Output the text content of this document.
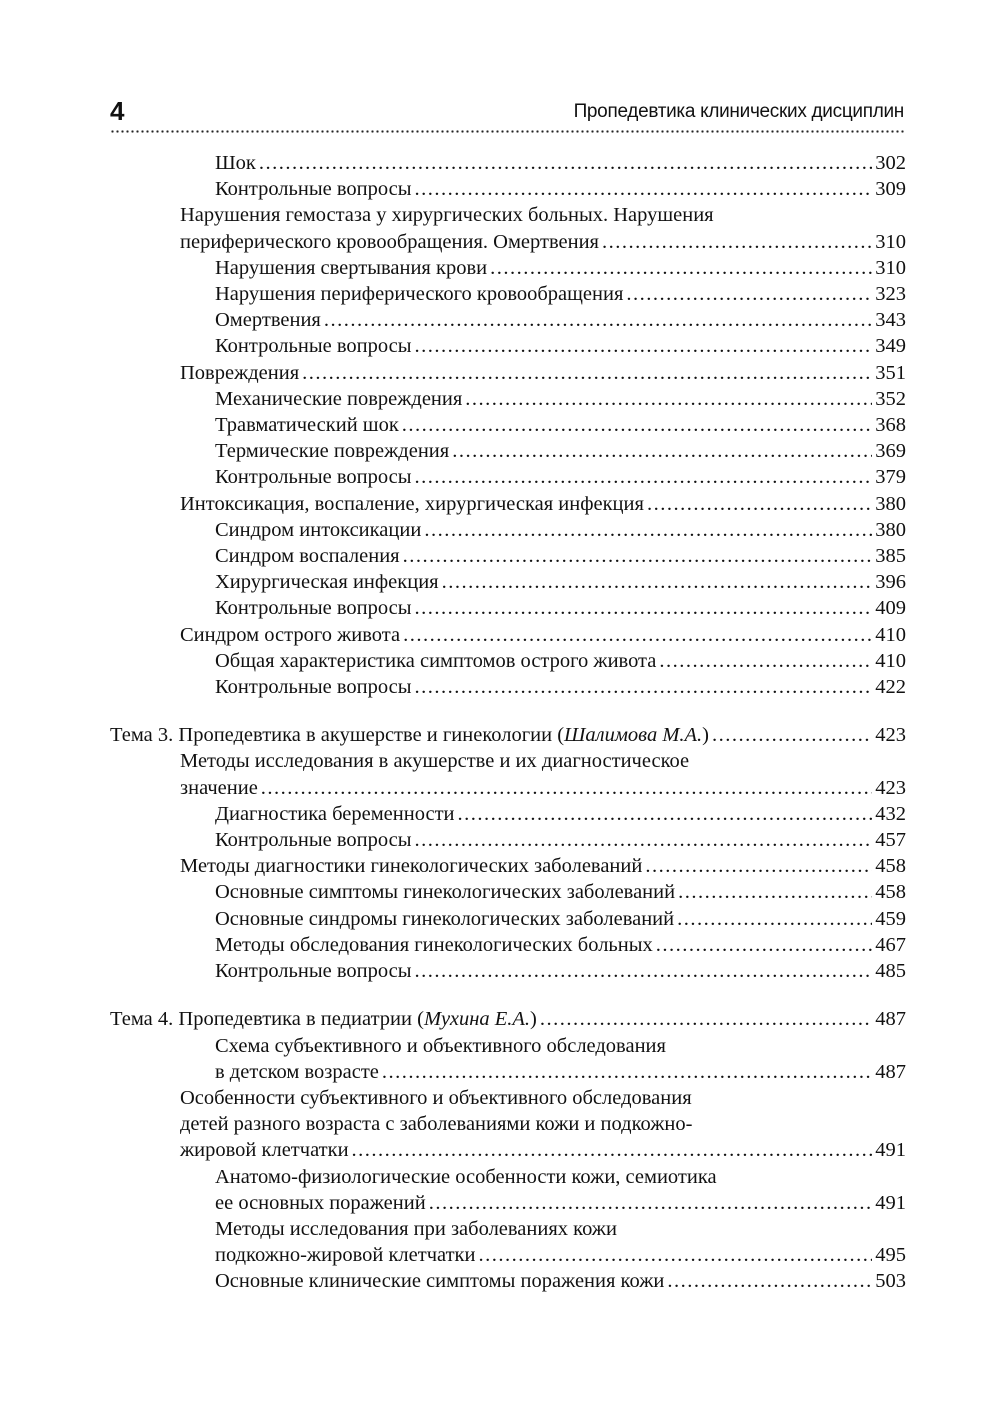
4	Пропедевтика клинических дисциплин
Шок .....	302
Контрольные вопросы .....	309
Нарушения гемостаза у хирургических больных. Нарушения
периферического кровообращения. Омертвения .....	310
Нарушения свертывания крови .....	310
Нарушения периферического кровообращения .....	323
Омертвения .....	343
Контрольные вопросы .....	349
Повреждения .....	351
Механические повреждения .....	352
Травматический шок .....	368
Термические повреждения .....	369
Контрольные вопросы .....	379
Интоксикация, воспаление, хирургическая инфекция .....	380
Синдром интоксикации .....	380
Синдром воспаления .....	385
Хирургическая инфекция .....	396
Контрольные вопросы .....	409
Синдром острого живота .....	410
Общая характеристика симптомов острого живота .....	410
Контрольные вопросы .....	422
Тема 3. Пропедевтика в акушерстве и гинекологии ( Шалимова М.А. ) .....	423
Методы исследования в акушерстве и их диагностическое
значение .....	423
Диагностика беременности .....	432
Контрольные вопросы .....	457
Методы диагностики гинекологических заболеваний .....	458
Основные симптомы гинекологических заболеваний .....	458
Основные синдромы гинекологических заболеваний .....	459
Методы обследования гинекологических больных .....	467
Контрольные вопросы .....	485
Тема 4. Пропедевтика в педиатрии ( Мухина Е.А. ) .....	487
Схема субъективного и объективного обследования
в детском возрасте .....	487
Особенности субъективного и объективного обследования
детей разного возраста с заболеваниями кожи и подкожно-
жировой клетчатки .....	491
Анатомо-физиологические особенности кожи, семиотика
ее основных поражений .....	491
Методы исследования при заболеваниях кожи
подкожно-жировой клетчатки .....	495
Основные клинические симптомы поражения кожи .....	503
